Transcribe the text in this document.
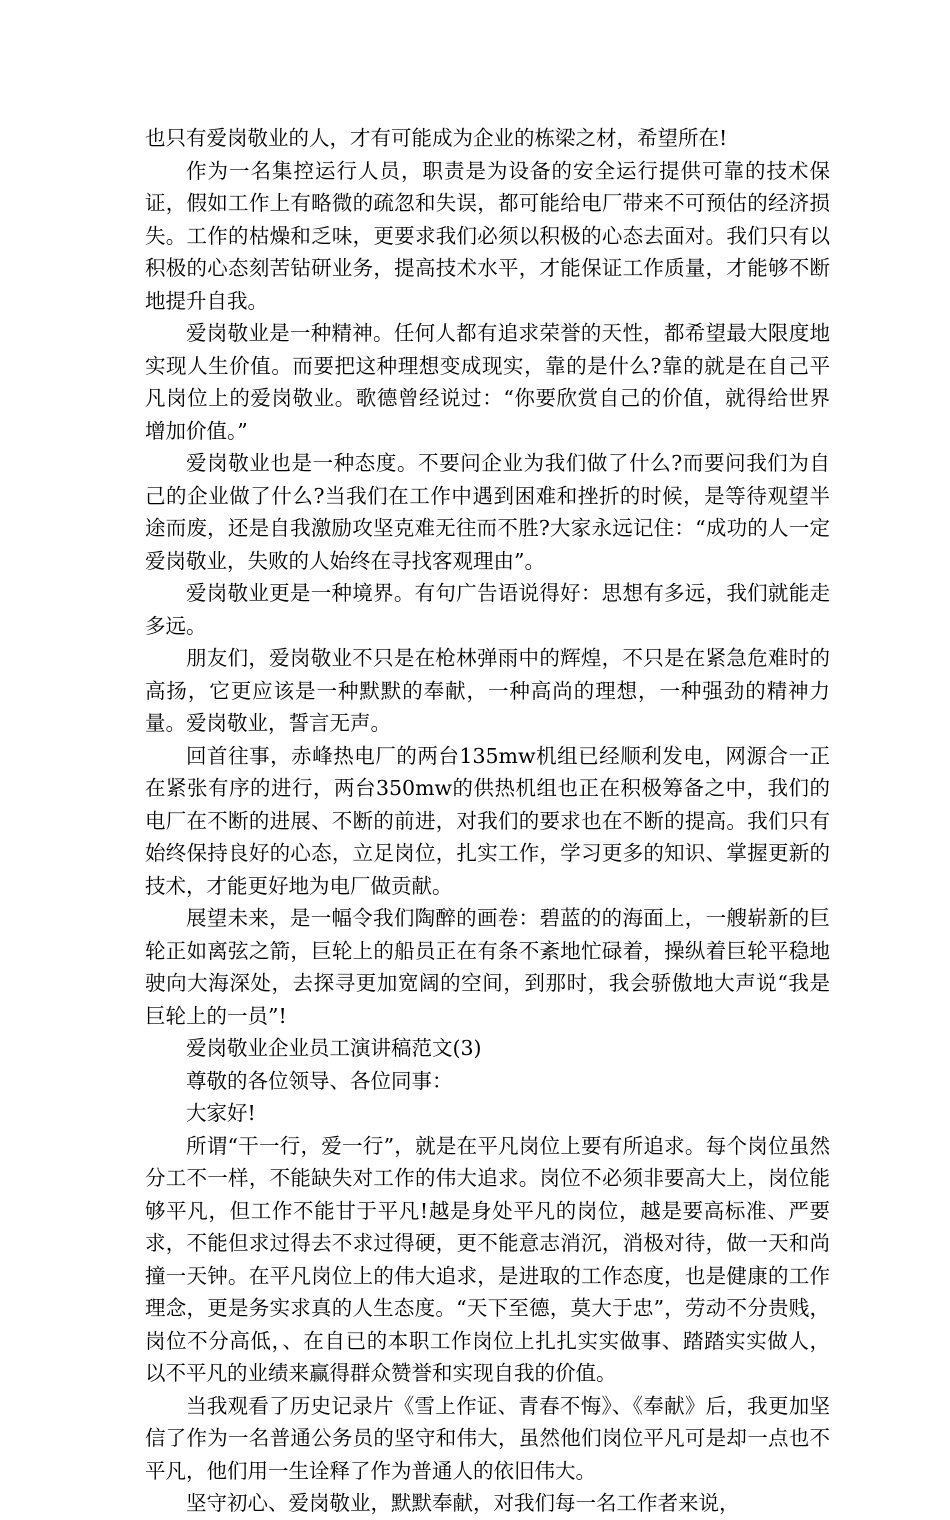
也只有爱岗敬业的人，才有可能成为企业的栋梁之材，希望所在!

作为一名集控运行人员，职责是为设备的安全运行提供可靠的技术保证，假如工作上有略微的疏忽和失误，都可能给电厂带来不可预估的经济损失。工作的枯燥和乏味，更要求我们必须以积极的心态去面对。我们只有以积极的心态刻苦钻研业务，提高技术水平，才能保证工作质量，才能够不断地提升自我。

爱岗敬业是一种精神。任何人都有追求荣誉的天性，都希望最大限度地实现人生价值。而要把这种理想变成现实，靠的是什么?靠的就是在自己平凡岗位上的爱岗敬业。歌德曾经说过：“你要欣赏自己的价值，就得给世界增加价值。”

爱岗敬业也是一种态度。不要问企业为我们做了什么?而要问我们为自己的企业做了什么?当我们在工作中遇到困难和挫折的时候，是等待观望半途而废，还是自我激励攻坚克难无往而不胜?大家永远记住：“成功的人一定爱岗敬业，失败的人始终在寻找客观理由”。

爱岗敬业更是一种境界。有句广告语说得好：思想有多远，我们就能走多远。

朋友们，爱岗敬业不只是在枪林弹雨中的辉煌，不只是在紧急危难时的高扬，它更应该是一种默默的奉献，一种高尚的理想，一种强劲的精神力量。爱岗敬业，誓言无声。

回首往事，赤峰热电厂的两台135mw机组已经顺利发电，网源合一正在紧张有序的进行，两台350mw的供热机组也正在积极筹备之中，我们的电厂在不断的进展、不断的前进，对我们的要求也在不断的提高。我们只有始终保持良好的心态，立足岗位，扎实工作，学习更多的知识、掌握更新的技术，才能更好地为电厂做贡献。

展望未来，是一幅令我们陶醉的画卷：碧蓝的的海面上，一艘崭新的巨轮正如离弦之箭，巨轮上的船员正在有条不紊地忙碌着，操纵着巨轮平稳地驶向大海深处，去探寻更加宽阔的空间，到那时，我会骄傲地大声说“我是巨轮上的一员”!

爱岗敬业企业员工演讲稿范文(3)

尊敬的各位领导、各位同事：

大家好!

所谓“干一行，爱一行”，就是在平凡岗位上要有所追求。每个岗位虽然分工不一样，不能缺失对工作的伟大追求。岗位不必须非要高大上，岗位能够平凡，但工作不能甘于平凡!越是身处平凡的岗位，越是要高标准、严要求，不能但求过得去不求过得硬，更不能意志消沉，消极对待，做一天和尚撞一天钟。在平凡岗位上的伟大追求，是进取的工作态度，也是健康的工作理念，更是务实求真的人生态度。“天下至德，莫大于忠”，劳动不分贵贱，岗位不分高低，、在自已的本职工作岗位上扎扎实实做事、踏踏实实做人，以不平凡的业绩来赢得群众赞誉和实现自我的价值。

当我观看了历史记录片《雪上作证、青春不悔》、《奉献》后，我更加坚信了作为一名普通公务员的坚守和伟大，虽然他们岗位平凡可是却一点也不平凡，他们用一生诠释了作为普通人的依旧伟大。

坚守初心、爱岗敬业，默默奉献，对我们每一名工作者来说，
